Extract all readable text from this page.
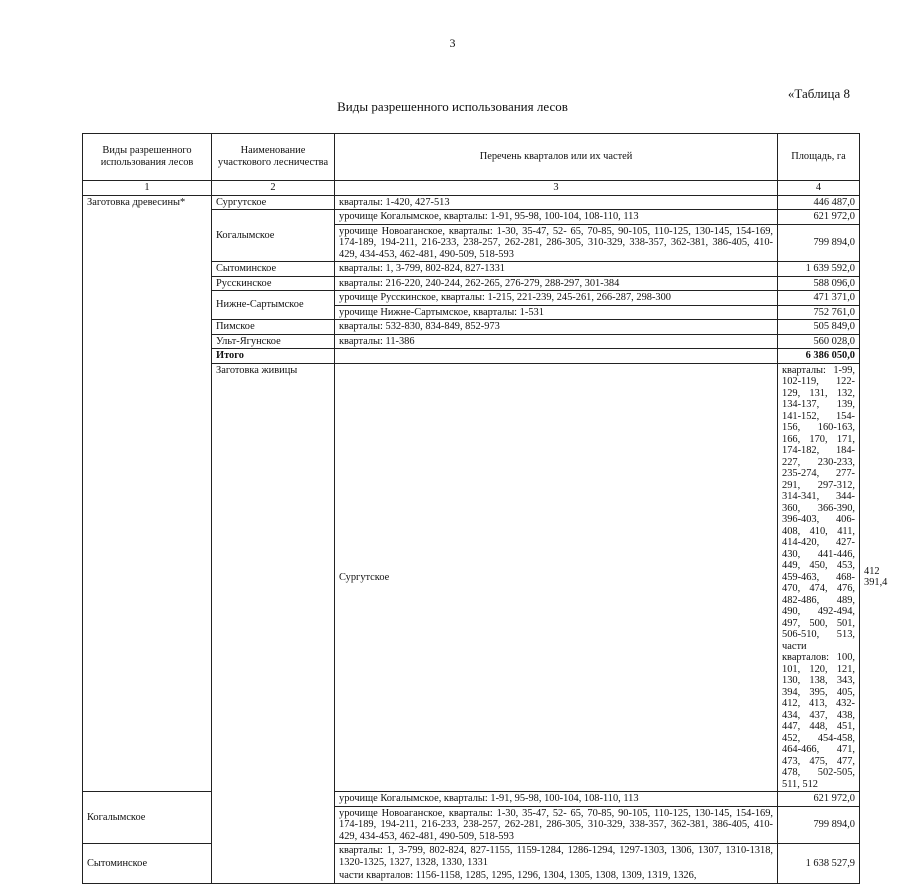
3
«Таблица 8
Виды разрешенного использования лесов
Виды разрешенного использования лесов	Наименование участкового лесничества	Перечень кварталов или их частей	Площадь, га	
1	2	3	4	
Заготовка древесины*	Сургутское	кварталы: 1-420, 427-513	446 487,0	
	Когалымское	урочище Когалымское, кварталы: 1-91, 95-98, 100-104, 108-110, 113	621 972,0	
		урочище Новоаганское, кварталы: 1-30, 35-47, 52- 65, 70-85, 90-105, 110-125, 130-145, 154-169, 174-189, 194-211, 216-233, 238-257, 262-281, 286-305, 310-329, 338-357, 362-381, 386-405, 410-429, 434-453, 462-481, 490-509, 518-593	799 894,0	
	Сытоминское	кварталы: 1, 3-799, 802-824, 827-1331	1 639 592,0	
	Русскинское	кварталы: 216-220, 240-244, 262-265, 276-279, 288-297, 301-384	588 096,0	
	Нижне-Сартымское	урочище Русскинское, кварталы: 1-215, 221-239, 245-261, 266-287, 298-300	471 371,0	
		урочище Нижне-Сартымское, кварталы: 1-531	752 761,0	
	Пимское	кварталы: 532-830, 834-849, 852-973	505 849,0	
	Ульт-Ягунское	кварталы: 11-386	560 028,0	
	Итого		6 386 050,0	
	Заготовка живицы	Сургутское	кварталы: 1-99, 102-119, 122-129, 131, 132, 134-137, 139, 141-152, 154-156, 160-163, 166, 170, 171, 174-182, 184-227, 230-233, 235-274, 277-291, 297-312, 314-341, 344-360, 366-390, 396-403, 406-408, 410, 411, 414-420, 427-430, 441-446, 449, 450, 453, 459-463, 468-470, 474, 476, 482-486, 489, 490, 492-494, 497, 500, 501, 506-510, 513, части кварталов: 100, 101, 120, 121, 130, 138, 343, 394, 395, 405, 412, 413, 432-434, 437, 438, 447, 448, 451, 452, 454-458, 464-466, 471, 473, 475, 477, 478, 502-505, 511, 512	412 391,4
Когалымское		урочище Когалымское, кварталы: 1-91, 95-98, 100-104, 108-110, 113	621 972,0	
		урочище Новоаганское, кварталы: 1-30, 35-47, 52- 65, 70-85, 90-105, 110-125, 130-145, 154-169, 174-189, 194-211, 216-233, 238-257, 262-281, 286-305, 310-329, 338-357, 362-381, 386-405, 410-429, 434-453, 462-481, 490-509, 518-593	799 894,0	
Сытоминское		кварталы: 1, 3-799, 802-824, 827-1155, 1159-1284, 1286-1294, 1297-1303, 1306, 1307, 1310-1318, 1320-1325, 1327, 1328, 1330, 1331	1 638 527,9	
		части кварталов: 1156-1158, 1285, 1295, 1296, 1304, 1305, 1308, 1309, 1319, 1326,		
